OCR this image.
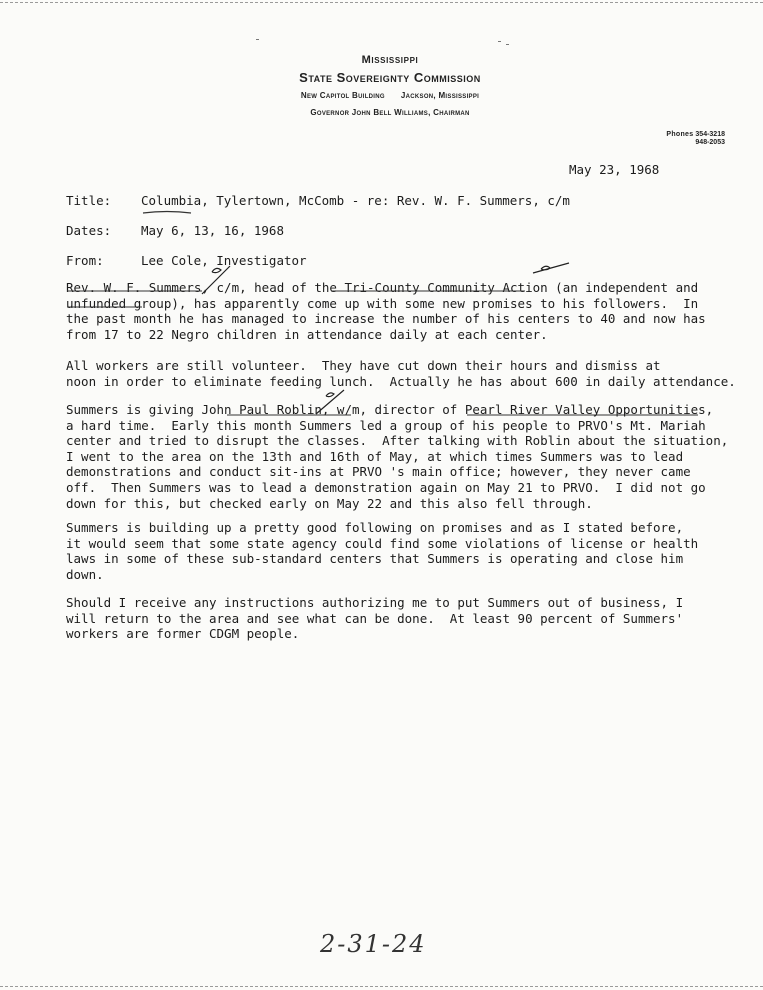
Mississippi
State Sovereignty Commission
New Capitol Building Jackson, Mississippi
Governor John Bell Williams, Chairman
Phones 354-3218
948-2053
May 23, 1968
Title: Columbia, Tylertown, McComb - re: Rev. W. F. Summers, c/m
Dates: May 6, 13, 16, 1968
From:	Lee Cole, Investigator

Rev. W. F. Summers, c/m, head of the Tri-County Community Action (an independent and
unfunded group), has apparently come up with some new promises to his followers.  In
the past month he has managed to increase the number of his centers to 40 and now has
from 17 to 22 Negro children in attendance daily at each center.

All workers are still volunteer.  They have cut down their hours and dismiss at
noon in order to eliminate feeding lunch.  Actually he has about 600 in daily attendance.

Summers is giving John Paul Roblin, w/m, director of Pearl River Valley Opportunities,
a hard time.  Early this month Summers led a group of his people to PRVO's Mt. Mariah
center and tried to disrupt the classes.  After talking with Roblin about the situation,
I went to the area on the 13th and 16th of May, at which times Summers was to lead
demonstrations and conduct sit-ins at PRVO 's main office; however, they never came
off.  Then Summers was to lead a demonstration again on May 21 to PRVO.  I did not go
down for this, but checked early on May 22 and this also fell through.

Summers is building up a pretty good following on promises and as I stated before,
it would seem that some state agency could find some violations of license or health
laws in some of these sub-standard centers that Summers is operating and close him
down.

Should I receive any instructions authorizing me to put Summers out of business, I
will return to the area and see what can be done.  At least 90 percent of Summers'
workers are former CDGM people.

2-31-24
